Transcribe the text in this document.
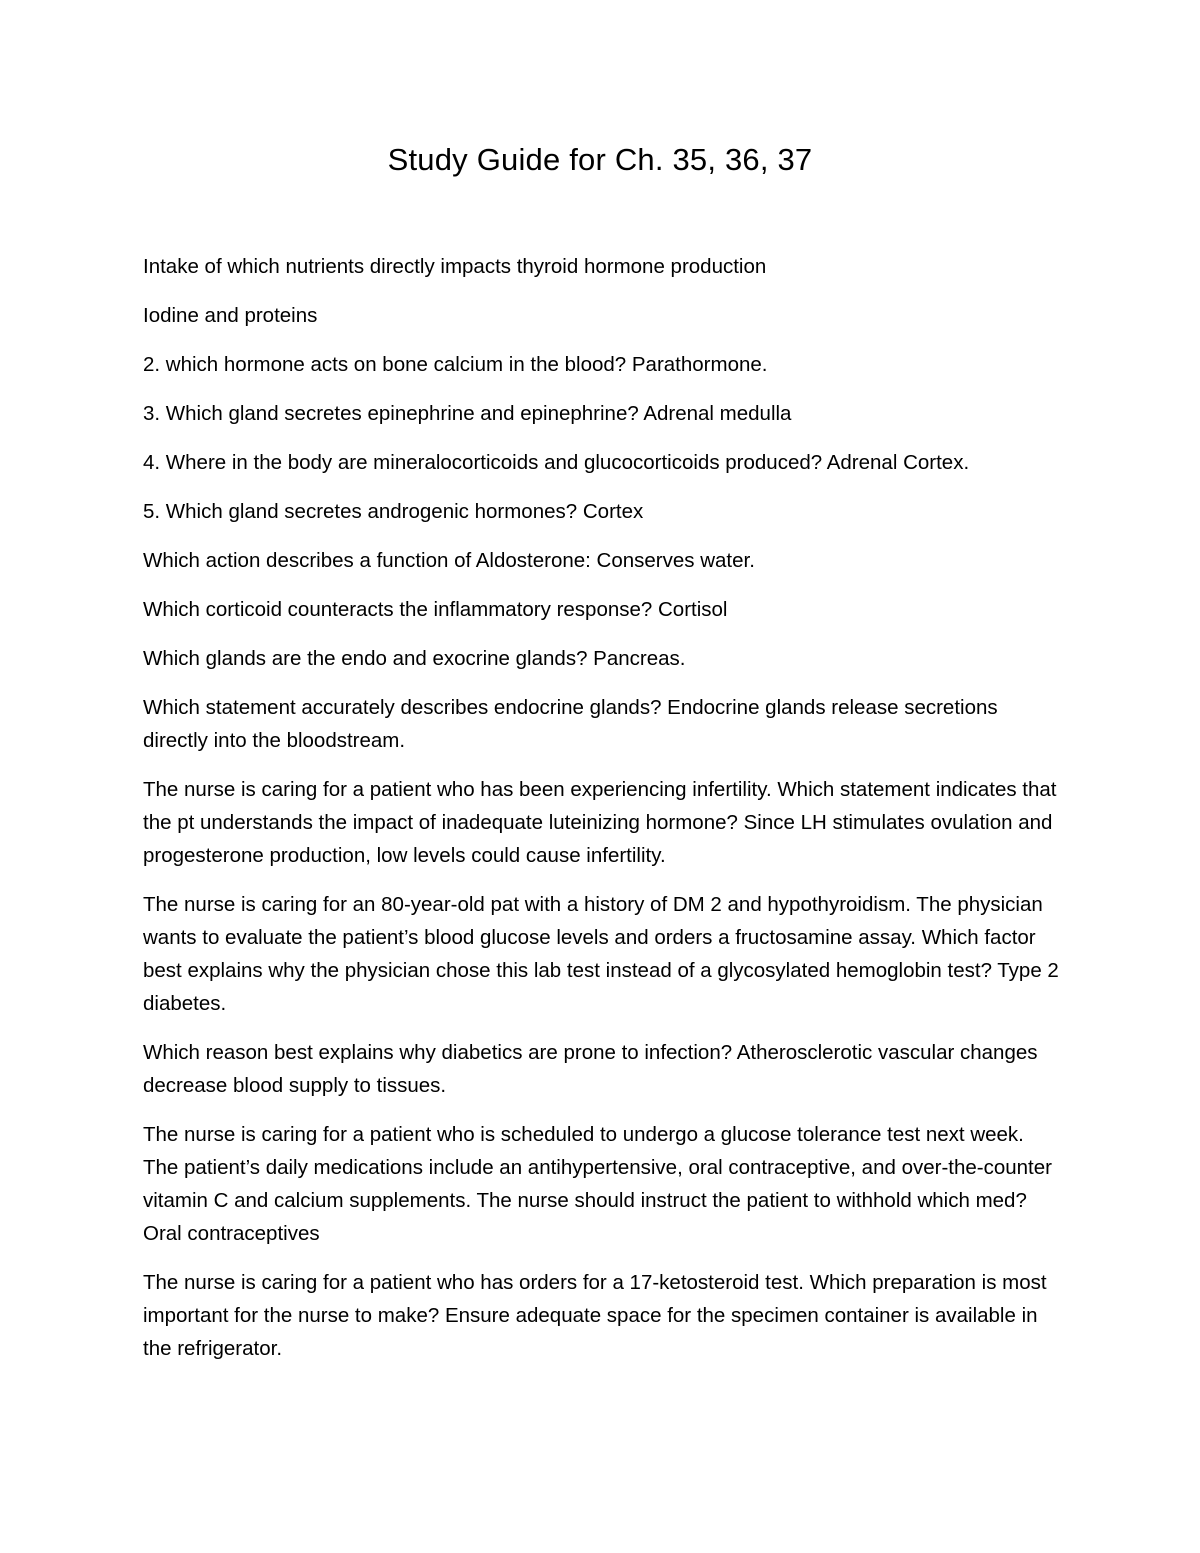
Study Guide for Ch. 35, 36, 37

Intake of which nutrients directly impacts thyroid hormone production

Iodine and proteins

2. which hormone acts on bone calcium in the blood? Parathormone.

3. Which gland secretes epinephrine and epinephrine? Adrenal medulla

4. Where in the body are mineralocorticoids and glucocorticoids produced? Adrenal Cortex.

5. Which gland secretes androgenic hormones? Cortex

Which action describes a function of Aldosterone: Conserves water.

Which corticoid counteracts the inflammatory response? Cortisol

Which glands are the endo and exocrine glands? Pancreas.

Which statement accurately describes endocrine glands? Endocrine glands release secretions directly into the bloodstream.

The nurse is caring for a patient who has been experiencing infertility. Which statement indicates that the pt understands the impact of inadequate luteinizing hormone? Since LH stimulates ovulation and progesterone production, low levels could cause infertility.

The nurse is caring for an 80-year-old pat with a history of DM 2 and hypothyroidism. The physician wants to evaluate the patient’s blood glucose levels and orders a fructosamine assay. Which factor best explains why the physician chose this lab test instead of a glycosylated hemoglobin test? Type 2 diabetes.

Which reason best explains why diabetics are prone to infection? Atherosclerotic vascular changes decrease blood supply to tissues.

The nurse is caring for a patient who is scheduled to undergo a glucose tolerance test next week. The patient’s daily medications include an antihypertensive, oral contraceptive, and over-the-counter vitamin C and calcium supplements. The nurse should instruct the patient to withhold which med? Oral contraceptives

The nurse is caring for a patient who has orders for a 17-ketosteroid test. Which preparation is most important for the nurse to make? Ensure adequate space for the specimen container is available in the refrigerator.
